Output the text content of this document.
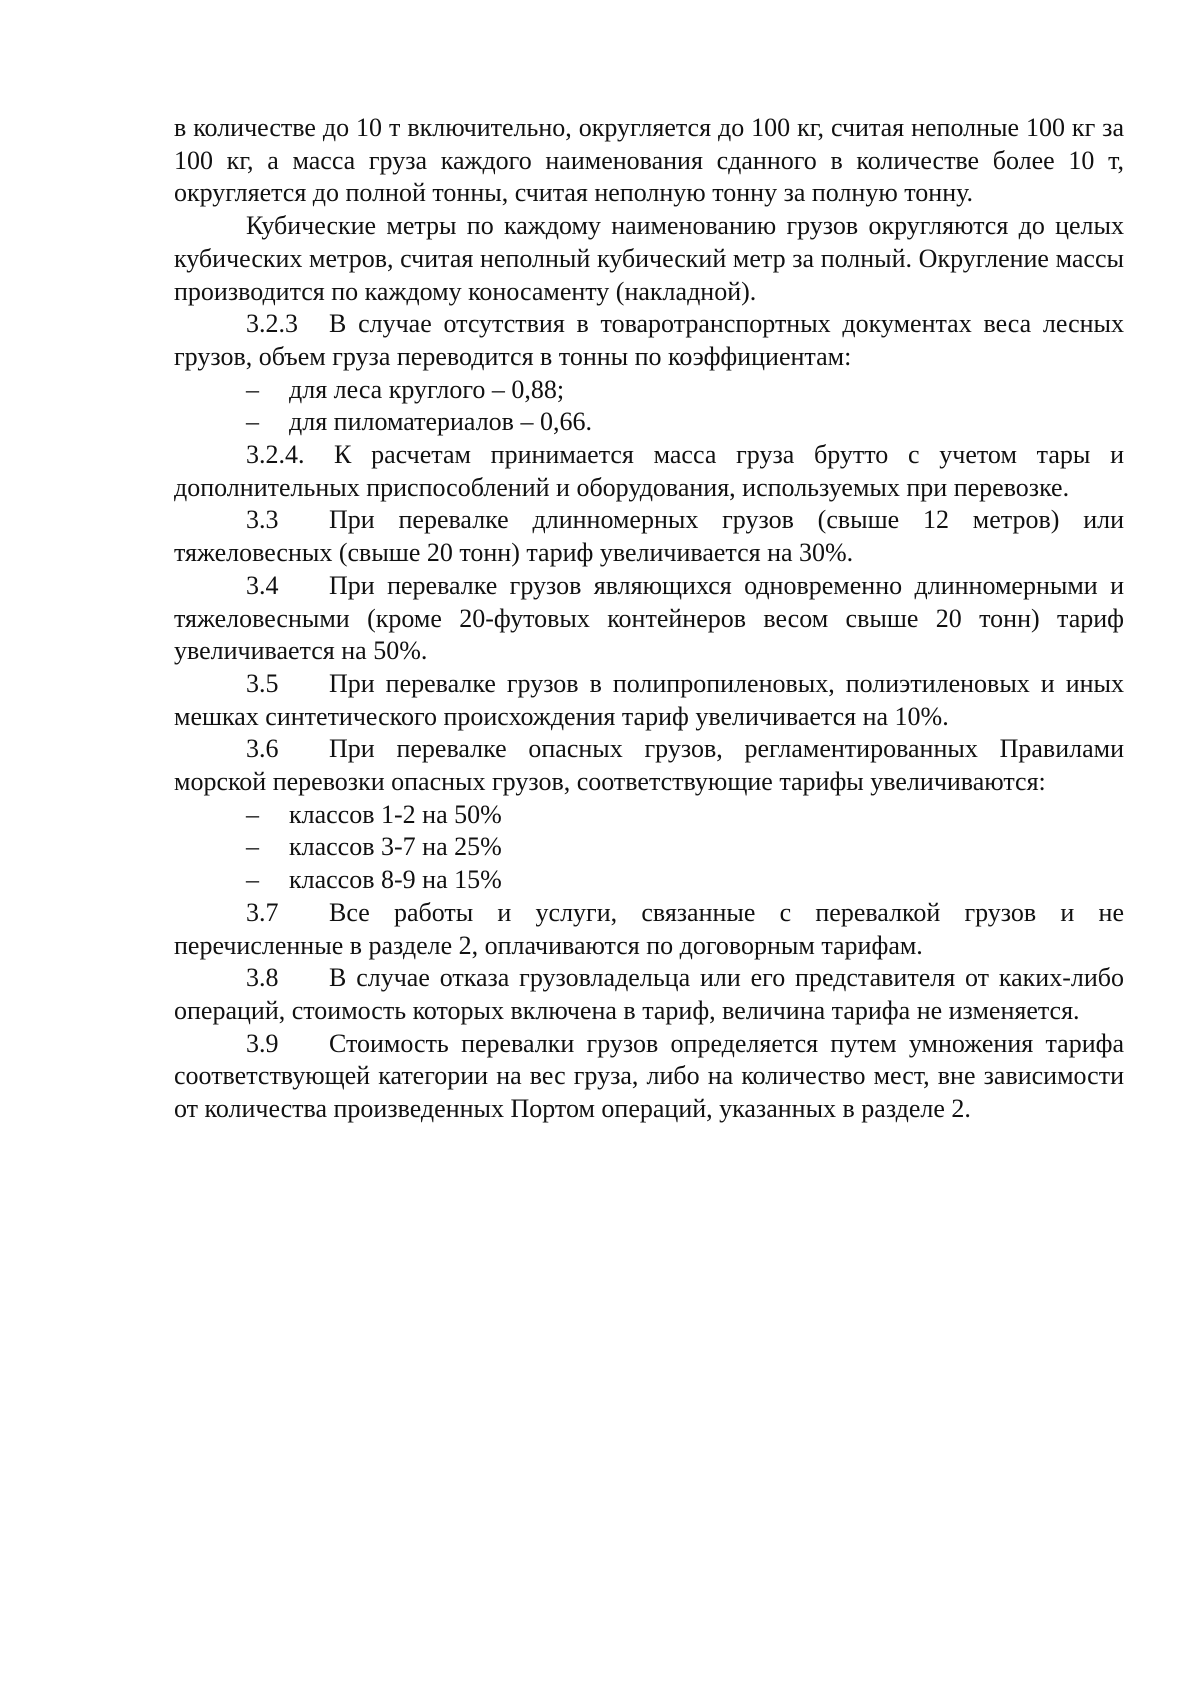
в количестве до 10 т включительно, округляется до 100 кг, считая неполные 100 кг за 100 кг, а масса груза каждого наименования сданного в количестве более 10 т, округляется до полной тонны, считая неполную тонну за полную тонну.

Кубические метры по каждому наименованию грузов округляются до целых кубических метров, считая неполный кубический метр за полный. Округление массы производится по каждому коносаменту (накладной).

3.2.3 В случае отсутствия в товаротранспортных документах веса лесных грузов, объем груза переводится в тонны по коэффициентам:

–	для леса круглого – 0,88;

–	для пиломатериалов – 0,66.

3.2.4. К расчетам принимается масса груза брутто с учетом тары и дополнительных приспособлений и оборудования, используемых при перевозке.

3.3 При перевалке длинномерных грузов (свыше 12 метров) или тяжеловесных (свыше 20 тонн) тариф увеличивается на 30%.

3.4 При перевалке грузов являющихся одновременно длинномерными и тяжеловесными (кроме 20-футовых контейнеров весом свыше 20 тонн) тариф увеличивается на 50%.

3.5 При перевалке грузов в полипропиленовых, полиэтиленовых и иных мешках синтетического происхождения тариф увеличивается на 10%.

3.6 При перевалке опасных грузов, регламентированных Правилами морской перевозки опасных грузов, соответствующие тарифы увеличиваются:

–	классов 1-2 на 50%

–	классов 3-7 на 25%

–	классов 8-9 на 15%

3.7 Все работы и услуги, связанные с перевалкой грузов и не перечисленные в разделе 2, оплачиваются по договорным тарифам.

3.8 В случае отказа грузовладельца или его представителя от каких-либо операций, стоимость которых включена в тариф, величина тарифа не изменяется.

3.9 Стоимость перевалки грузов определяется путем умножения тарифа соответствующей категории на вес груза, либо на количество мест, вне зависимости от количества произведенных Портом операций, указанных в разделе 2.
